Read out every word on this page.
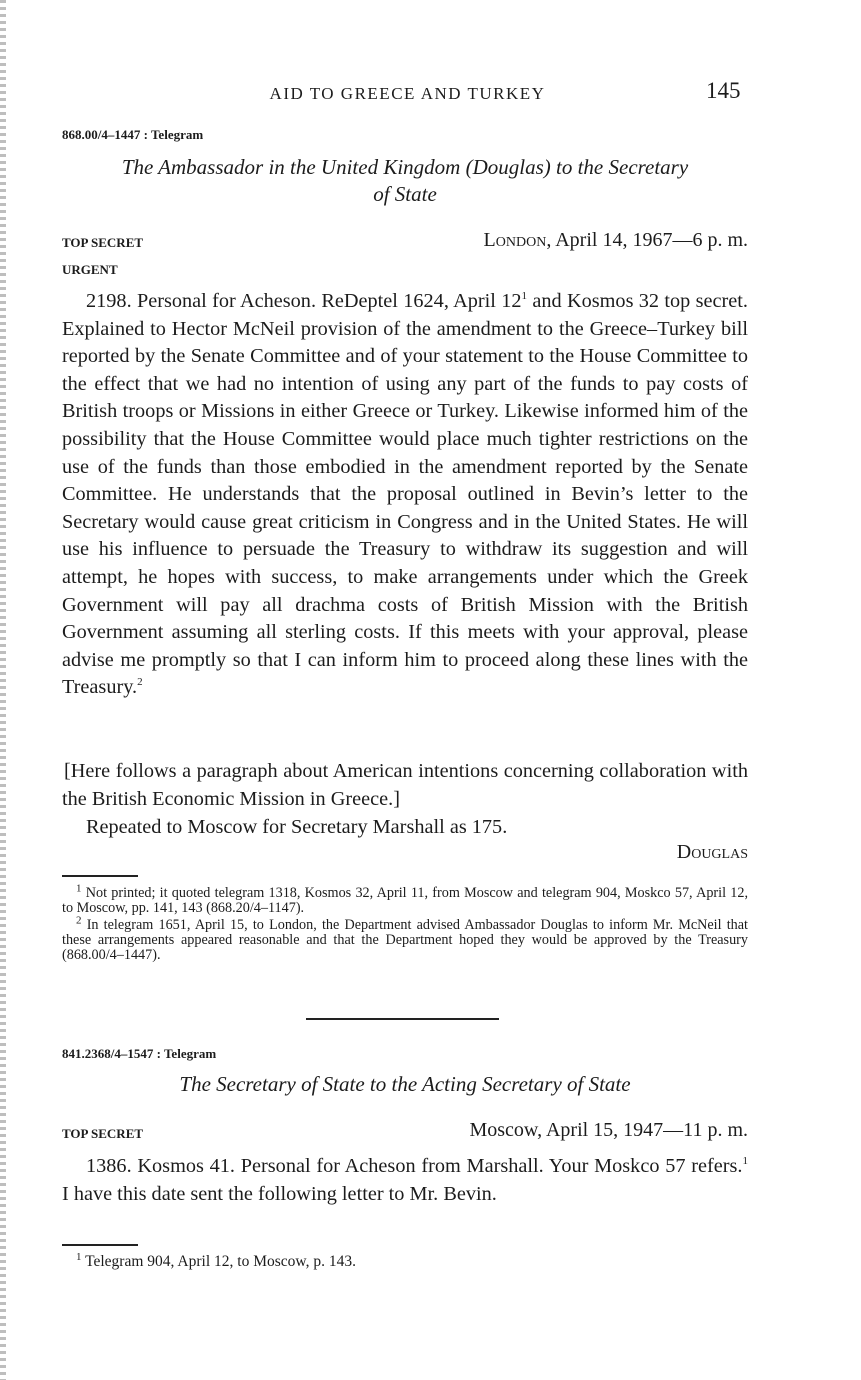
AID TO GREECE AND TURKEY	145
868.00/4–1447 : Telegram
The Ambassador in the United Kingdom (Douglas) to the Secretary
of State
TOP SECRET
URGENT
London, April 14, 1967—6 p. m.
2198. Personal for Acheson. ReDeptel 1624, April $12^1$ and Kosmos 32 top secret. Explained to Hector McNeil provision of the amendment to the Greece–Turkey bill reported by the Senate Committee and of your statement to the House Committee to the effect that we had no intention of using any part of the funds to pay costs of British troops or Missions in either Greece or Turkey. Likewise informed him of the possibility that the House Committee would place much tighter restrictions on the use of the funds than those embodied in the amendment reported by the Senate Committee. He understands that the proposal outlined in Bevin’s letter to the Secretary would cause great criticism in Congress and in the United States. He will use his influence to persuade the Treasury to withdraw its suggestion and will attempt, he hopes with success, to make arrangements under which the Greek Government will pay all drachma costs of British Mission with the British Government assuming all sterling costs. If this meets with your approval, please advise me promptly so that I can inform him to proceed along these lines with the Treasury.$^2$
[Here follows a paragraph about American intentions concerning collaboration with the British Economic Mission in Greece.]
Repeated to Moscow for Secretary Marshall as 175.
Douglas
$^1$ Not printed; it quoted telegram 1318, Kosmos 32, April 11, from Moscow and telegram 904, Moskco 57, April 12, to Moscow, pp. 141, 143 (868.20/4–1147).
$^2$ In telegram 1651, April 15, to London, the Department advised Ambassador Douglas to inform Mr. McNeil that these arrangements appeared reasonable and that the Department hoped they would be approved by the Treasury (868.00/4–1447).
841.2368/4–1547 : Telegram
The Secretary of State to the Acting Secretary of State
TOP SECRET	Moscow, April 15, 1947—11 p. m.
1386. Kosmos 41. Personal for Acheson from Marshall. Your Moskco 57 refers.$^1$ I have this date sent the following letter to Mr. Bevin.
$^1$ Telegram 904, April 12, to Moscow, p. 143.
